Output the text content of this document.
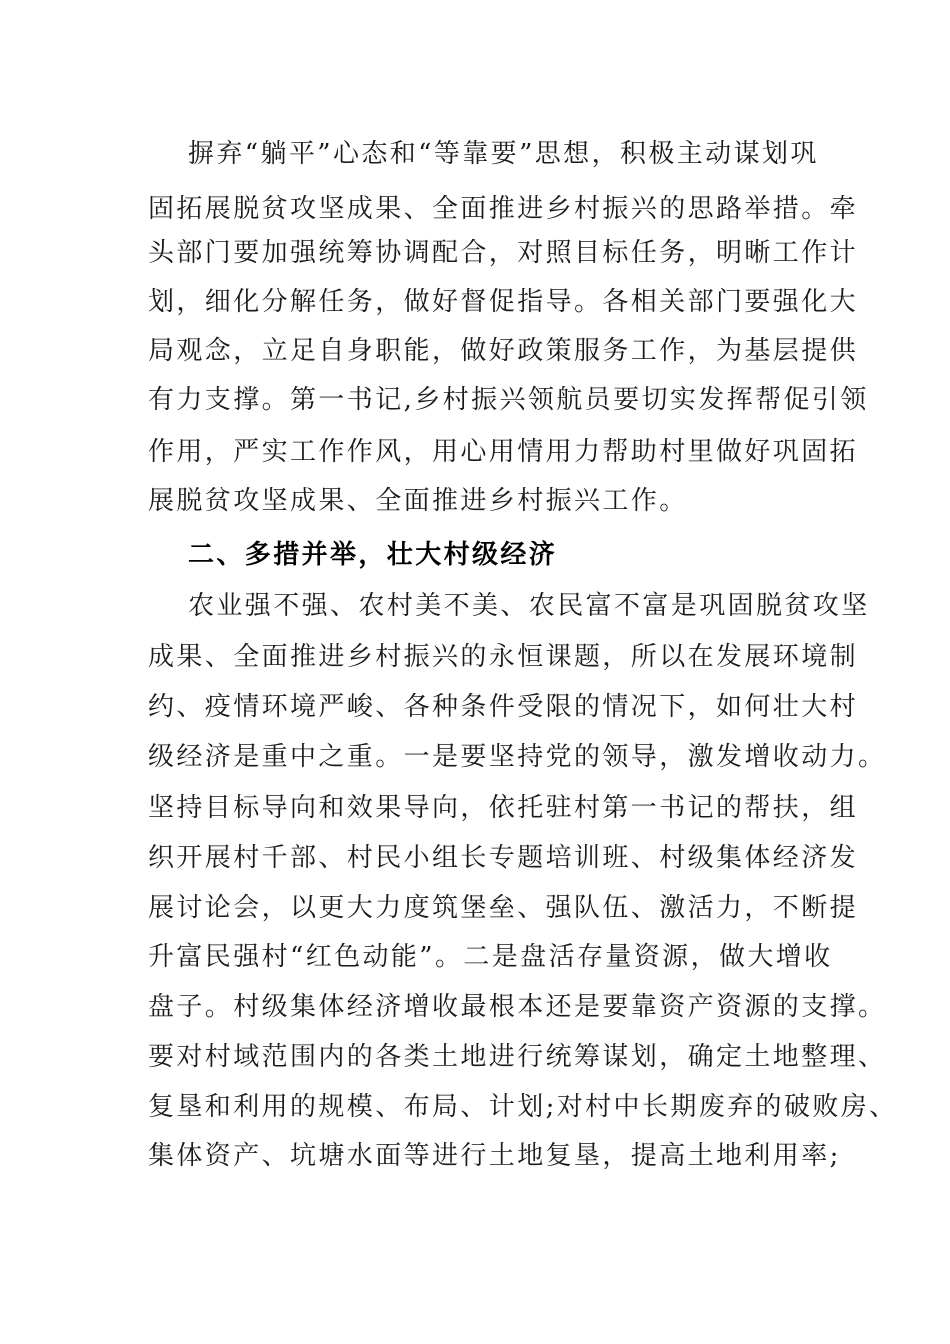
摒弃“躺平”心态和“等靠要”思想，积极主动谋划巩
固拓展脱贫攻坚成果、全面推进乡村振兴的思路举措。牵
头部门要加强统筹协调配合，对照目标任务，明晰工作计
划，细化分解任务，做好督促指导。各相关部门要强化大
局观念，立足自身职能，做好政策服务工作，为基层提供
有力支撑。第一书记,乡村振兴领航员要切实发挥帮促引领
作用，严实工作作风，用心用情用力帮助村里做好巩固拓
展脱贫攻坚成果、全面推进乡村振兴工作。
二、多措并举，壮大村级经济
农业强不强、农村美不美、农民富不富是巩固脱贫攻坚
成果、全面推进乡村振兴的永恒课题，所以在发展环境制
约、疫情环境严峻、各种条件受限的情况下，如何壮大村
级经济是重中之重。一是要坚持党的领导，激发增收动力。
坚持目标导向和效果导向，依托驻村第一书记的帮扶，组
织开展村千部、村民小组长专题培训班、村级集体经济发
展讨论会，以更大力度筑堡垒、强队伍、激活力，不断提
升富民强村“红色动能”。二是盘活存量资源，做大增收
盘子。村级集体经济增收最根本还是要靠资产资源的支撑。
要对村域范围内的各类土地进行统筹谋划，确定土地整理、
复垦和利用的规模、布局、计划;对村中长期废弃的破败房、
集体资产、坑塘水面等进行土地复垦，提高土地利用率;
